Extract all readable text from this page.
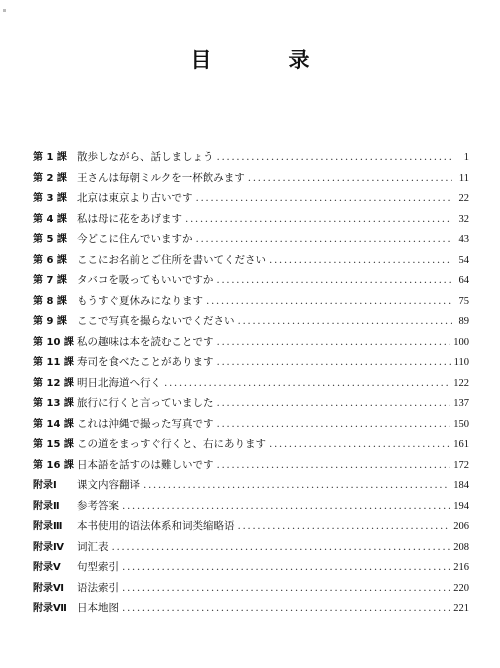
目　录
第 1 課 散歩しながら、話しましょう .....	1
第 2 課 王さんは毎朝ミルクを一杯飲みます .....	11
第 3 課 北京は東京より古いです .....	22
第 4 課 私は母に花をあげます .....	32
第 5 課 今どこに住んでいますか .....	43
第 6 課 ここにお名前とご住所を書いてください .....	54
第 7 課 タバコを吸ってもいいですか .....	64
第 8 課 もうすぐ夏休みになります .....	75
第 9 課 ここで写真を撮らないでください .....	89
第 10 課 私の趣味は本を読むことです .....	100
第 11 課 寿司を食べたことがあります .....	110
第 12 課 明日北海道へ行く .....	122
第 13 課 旅行に行くと言っていました .....	137
第 14 課 これは沖縄で撮った写真です .....	150
第 15 課 この道をまっすぐ行くと、右にあります .....	161
第 16 課 日本語を話すのは難しいです .....	172
附录Ⅰ	课文内容翻译 .....	184
附录Ⅱ	参考答案 .....	194
附录Ⅲ	本书使用的语法体系和词类缩略语 .....	206
附录Ⅳ	词汇表 .....	208
附录Ⅴ	句型索引 .....	216
附录Ⅵ	语法索引 .....	220
附录Ⅶ 日本地图 .....	221
